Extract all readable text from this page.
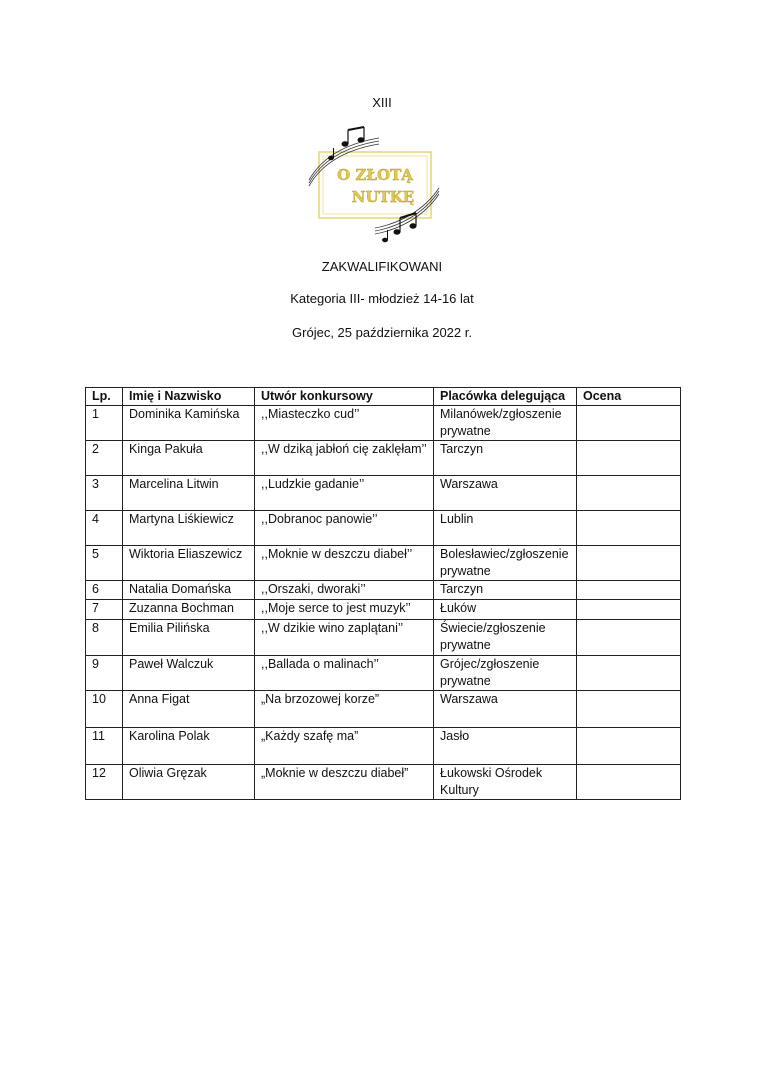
XIII
O ZŁOTĄ
NUTKĘ
ZAKWALIFIKOWANI
Kategoria III- młodzież 14-16 lat
Grójec, 25 października 2022 r.
Lp.	Imię i Nazwisko	Utwór konkursowy	Placówka delegująca	Ocena
1	Dominika Kamińska	,,Miasteczko cud’’	Milanówek/zgłoszenie prywatne	
2	Kinga Pakuła	,,W dziką jabłoń cię zaklęłam’’	Tarczyn	
3	Marcelina Litwin	,,Ludzkie gadanie’’	Warszawa	
4	Martyna Liśkiewicz	,,Dobranoc panowie’’	Lublin	
5	Wiktoria Eliaszewicz	,,Moknie w deszczu diabeł’’	Bolesławiec/zgłoszenie prywatne	
6	Natalia Domańska	,,Orszaki, dworaki’’	Tarczyn	
7	Zuzanna Bochman	,,Moje serce to jest muzyk’’	Łuków	
8	Emilia Pilińska	,,W dzikie wino zaplątani’’	Świecie/zgłoszenie prywatne	
9	Paweł Walczuk	,,Ballada o malinach’’	Grójec/zgłoszenie prywatne	
10	Anna Figat	„Na brzozowej korze”	Warszawa	
11	Karolina Polak	„Każdy szafę ma”	Jasło	
12	Oliwia Gręzak	„Moknie w deszczu diabeł”	Łukowski Ośrodek Kultury	
